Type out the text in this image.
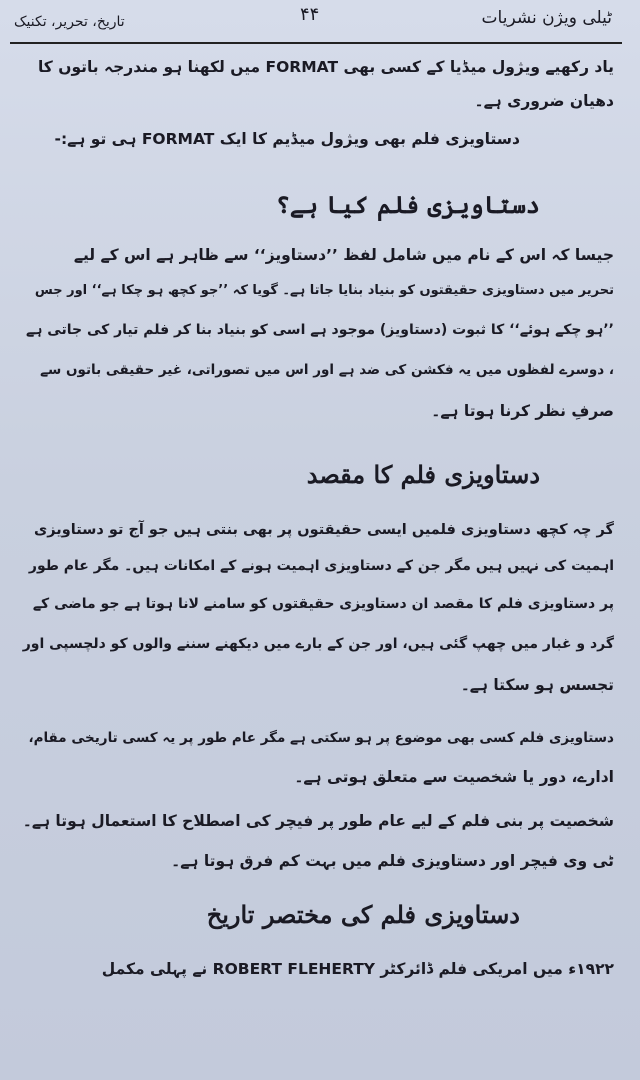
ٹیلی ویژن نشریات
۴۴
تاریخ، تحریر، تکنیک
یاد رکھیے ویژول میڈیا کے کسی بھی FORMAT میں لکھنا ہو مندرجہ باتوں کا
دھیان ضروری ہے۔
دستاویزی فلم بھی ویژول میڈیم کا ایک FORMAT ہی تو ہے:-
دستاویزی فلم کیا ہے؟
جیسا کہ اس کے نام میں شامل لفظ ’’دستاویز‘‘ سے ظاہر ہے اس کے لیے
تحریر میں دستاویزی حقیقتوں کو بنیاد بنایا جاتا ہے۔ گویا کہ ’’جو کچھ ہو چکا ہے‘‘ اور جس
’’ہو چکے ہوئے‘‘ کا ثبوت (دستاویز) موجود ہے اسی کو بنیاد بنا کر فلم تیار کی جاتی ہے
، دوسرے لفظوں میں یہ فکشن کی ضد ہے اور اس میں تصوراتی، غیر حقیقی باتوں سے
صرفِ نظر کرنا ہوتا ہے۔
دستاویزی فلم کا مقصد
گر چہ کچھ دستاویزی فلمیں ایسی حقیقتوں پر بھی بنتی ہیں جو آج تو دستاویزی
اہمیت کی نہیں ہیں مگر جن کے دستاویزی اہمیت ہونے کے امکانات ہیں۔ مگر عام طور
پر دستاویزی فلم کا مقصد ان دستاویزی حقیقتوں کو سامنے لانا ہوتا ہے جو ماضی کے
گرد و غبار میں چھپ گئی ہیں، اور جن کے بارے میں دیکھنے سننے والوں کو دلچسپی اور
تجسس ہو سکتا ہے۔
دستاویزی فلم کسی بھی موضوع پر ہو سکتی ہے مگر عام طور پر یہ کسی تاریخی مقام،
ادارے، دور یا شخصیت سے متعلق ہوتی ہے۔
شخصیت پر بنی فلم کے لیے عام طور پر فیچر کی اصطلاح کا استعمال ہوتا ہے۔
ٹی وی فیچر اور دستاویزی فلم میں بہت کم فرق ہوتا ہے۔
دستاویزی فلم کی مختصر تاریخ
۱۹۲۲ء میں امریکی فلم ڈائرکٹر ROBERT FLEHERTY نے پہلی مکمل
